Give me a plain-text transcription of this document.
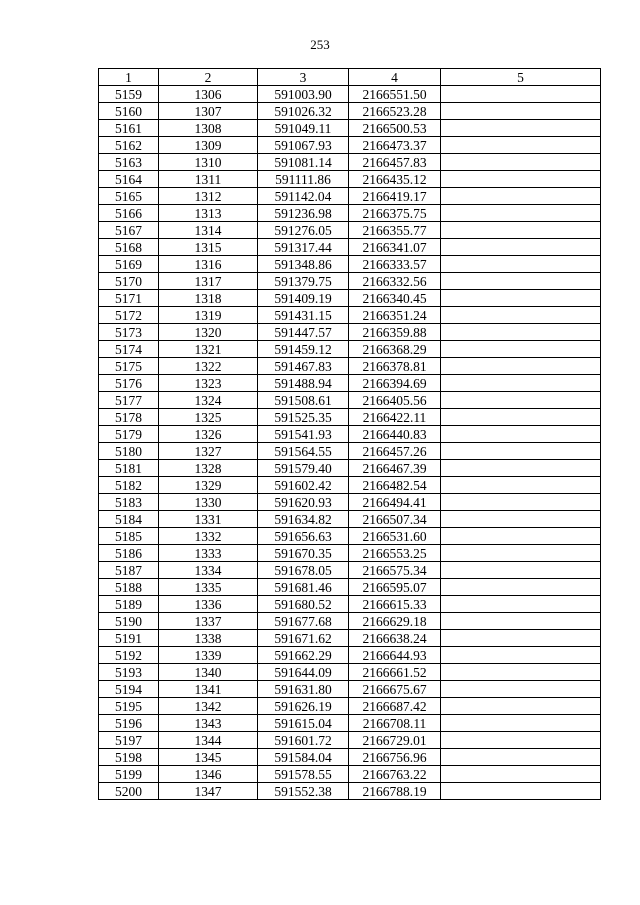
253
1	2	3	4	5
5159	1306	591003.90	2166551.50	
5160	1307	591026.32	2166523.28	
5161	1308	591049.11	2166500.53	
5162	1309	591067.93	2166473.37	
5163	1310	591081.14	2166457.83	
5164	1311	591111.86	2166435.12	
5165	1312	591142.04	2166419.17	
5166	1313	591236.98	2166375.75	
5167	1314	591276.05	2166355.77	
5168	1315	591317.44	2166341.07	
5169	1316	591348.86	2166333.57	
5170	1317	591379.75	2166332.56	
5171	1318	591409.19	2166340.45	
5172	1319	591431.15	2166351.24	
5173	1320	591447.57	2166359.88	
5174	1321	591459.12	2166368.29	
5175	1322	591467.83	2166378.81	
5176	1323	591488.94	2166394.69	
5177	1324	591508.61	2166405.56	
5178	1325	591525.35	2166422.11	
5179	1326	591541.93	2166440.83	
5180	1327	591564.55	2166457.26	
5181	1328	591579.40	2166467.39	
5182	1329	591602.42	2166482.54	
5183	1330	591620.93	2166494.41	
5184	1331	591634.82	2166507.34	
5185	1332	591656.63	2166531.60	
5186	1333	591670.35	2166553.25	
5187	1334	591678.05	2166575.34	
5188	1335	591681.46	2166595.07	
5189	1336	591680.52	2166615.33	
5190	1337	591677.68	2166629.18	
5191	1338	591671.62	2166638.24	
5192	1339	591662.29	2166644.93	
5193	1340	591644.09	2166661.52	
5194	1341	591631.80	2166675.67	
5195	1342	591626.19	2166687.42	
5196	1343	591615.04	2166708.11	
5197	1344	591601.72	2166729.01	
5198	1345	591584.04	2166756.96	
5199	1346	591578.55	2166763.22	
5200	1347	591552.38	2166788.19	
